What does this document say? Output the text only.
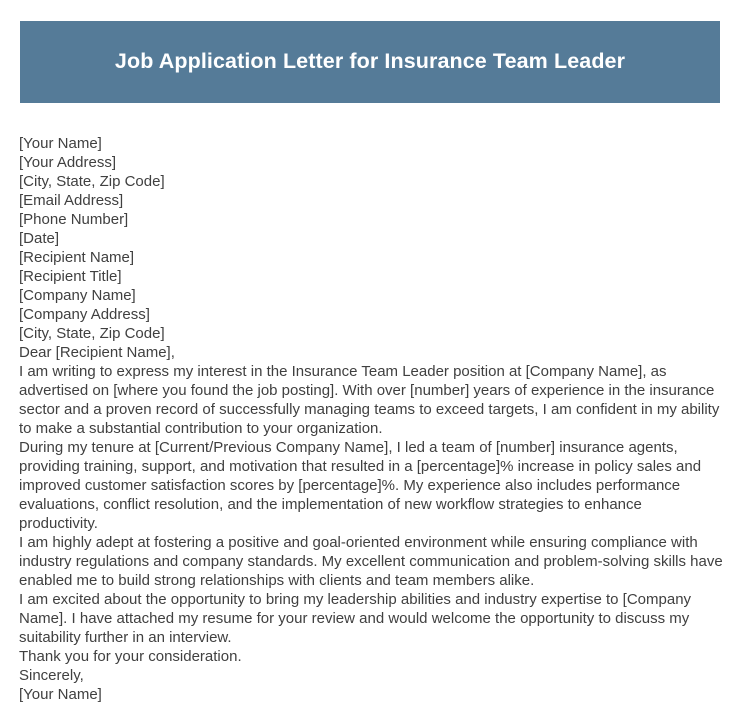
Job Application Letter for Insurance Team Leader
[Your Name]
[Your Address]
[City, State, Zip Code]
[Email Address]
[Phone Number]
[Date]
[Recipient Name]
[Recipient Title]
[Company Name]
[Company Address]
[City, State, Zip Code]
Dear [Recipient Name],
I am writing to express my interest in the Insurance Team Leader position at [Company Name], as advertised on [where you found the job posting]. With over [number] years of experience in the insurance sector and a proven record of successfully managing teams to exceed targets, I am confident in my ability to make a substantial contribution to your organization.
During my tenure at [Current/Previous Company Name], I led a team of [number] insurance agents, providing training, support, and motivation that resulted in a [percentage]% increase in policy sales and improved customer satisfaction scores by [percentage]%. My experience also includes performance evaluations, conflict resolution, and the implementation of new workflow strategies to enhance productivity.
I am highly adept at fostering a positive and goal-oriented environment while ensuring compliance with industry regulations and company standards. My excellent communication and problem-solving skills have enabled me to build strong relationships with clients and team members alike.
I am excited about the opportunity to bring my leadership abilities and industry expertise to [Company Name]. I have attached my resume for your review and would welcome the opportunity to discuss my suitability further in an interview.
Thank you for your consideration.
Sincerely,
[Your Name]
